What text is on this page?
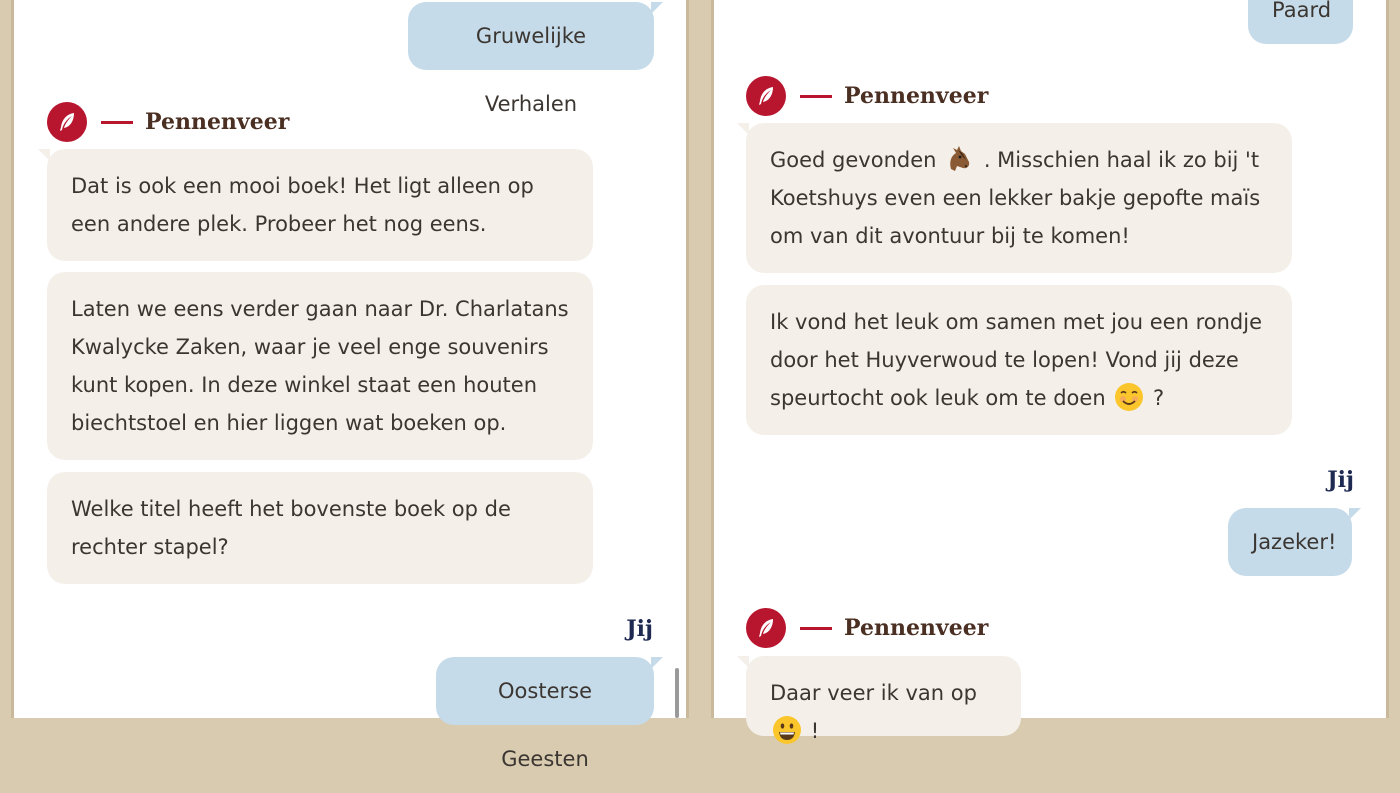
Gruwelijke Verhalen
Pennenveer
Dat is ook een mooi boek! Het ligt alleen op een andere plek. Probeer het nog eens.
Laten we eens verder gaan naar Dr. Charlatans Kwalycke Zaken, waar je veel enge souvenirs kunt kopen. In deze winkel staat een houten biechtstoel en hier liggen wat boeken op.
Welke titel heeft het bovenste boek op de rechter stapel?
Jij
Oosterse Geesten
Paard
Pennenveer
Goed gevonden . Misschien haal ik zo bij 't Koetshuys even een lekker bakje gepofte maïs om van dit avontuur bij te komen!
Ik vond het leuk om samen met jou een rondje door het Huyverwoud te lopen! Vond jij deze speurtocht ook leuk om te doen ?
Jij
Jazeker!
Pennenveer
Daar veer ik van op  !
